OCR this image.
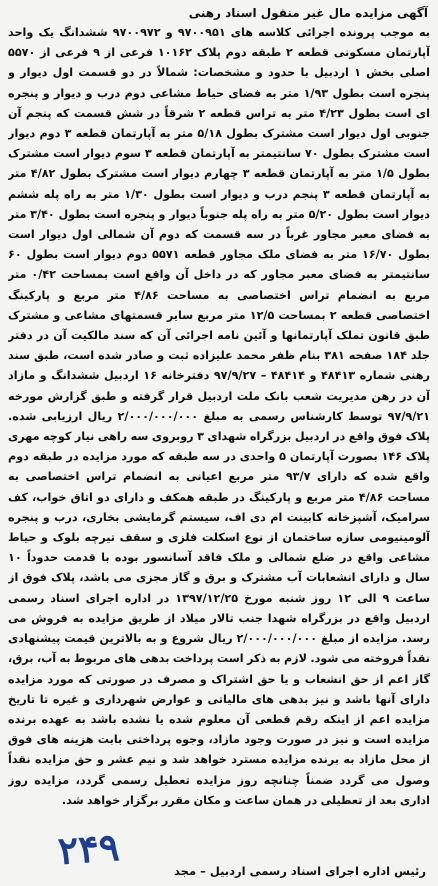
آگهی مزایده مال غیر منقول اسناد رهنی
به موجب پرونده اجرائی کلاسه های ۹۷۰۰۹۵۱ و ۹۷۰۰۹۷۲ ششدانگ یک واحد آپارتمان مسکونی قطعه ۲ طبقه دوم پلاک ۱۰۱۶۲ فرعی از ۹ فرعی از ۵۵۷۰ اصلی بخش ۱ اردبیل با حدود و مشخصات: شمالاً در دو قسمت اول دیوار و پنجره است بطول ۱/۹۳ متر به فضای حیاط مشاعی دوم درب و دیوار و پنجره ای است بطول ۴/۲۳ متر به تراس قطعه ۲ شرقاً در شش قسمت که پنجم آن جنوبی اول دیوار است مشترک بطول ۵/۱۸ متر به آپارتمان قطعه ۳ دوم دیوار است مشترک بطول ۷۰ سانتیمتر به آپارتمان قطعه ۳ سوم دیوار است مشترک بطول ۱/۵ متر به آپارتمان قطعه ۳ چهارم دیوار است مشترک بطول ۴/۸۲ متر به آپارتمان قطعه ۳ پنجم درب و دیوار است بطول ۱/۳۰ متر به راه پله ششم دیوار است بطول ۵/۲۰ متر به راه پله جنوباً دیوار و پنجره است بطول ۳/۴۰ متر به فضای معبر مجاور غرباً در سه قسمت که دوم آن شمالی اول دیوار است بطول ۱۶/۷۰ متر به فضای ملک مجاور قطعه ۵۵۷۱ دوم دیوار است بطول ۶۰ سانتیمتر به فضای معبر مجاور که در داخل آن واقع است بمساحت ۰/۴۲ متر مربع به انضمام تراس اختصاصی به مساحت ۴/۸۶ متر مربع و پارکینگ اختصاصی قطعه ۲ بمساحت ۱۲/۵ متر مربع سایر قسمتهای مشاعی و مشترک طبق قانون تملک آپارتمانها و آئین نامه اجرائی آن که سند مالکیت آن در دفتر جلد ۱۸۴ صفحه ۳۸۱ بنام ظفر محمد علیزاده ثبت و صادر شده است، طبق سند رهنی شماره ۴۸۴۱۳ و ۴۸۴۱۴ – ۹۷/۹/۲۷ دفترخانه ۱۶ اردبیل ششدانگ و مازاد آن در رهن مدیریت شعب بانک ملت اردبیل قرار گرفته و طبق گزارش مورخه ۹۷/۹/۲۱ توسط کارشناس رسمی به مبلغ ۲/۰۰۰/۰۰۰/۰۰۰ ریال ارزیابی شده. پلاک فوق واقع در اردبیل بزرگراه شهدای ۳ روبروی سه راهی نیار کوچه مهری پلاک ۱۴۶ بصورت آپارتمان ۵ واحدی در سه طبقه که مورد مزایده در طبقه دوم واقع شده که دارای ۹۳/۷ متر مربع اعیانی به انضمام تراس اختصاصی به مساحت ۴/۸۶ متر مربع و پارکینگ در طبقه همکف و دارای دو اتاق خواب، کف سرامیک، آشپزخانه کابینت ام دی اف، سیستم گرمایشی بخاری، درب و پنجره آلومینیومی سازه ساختمان از نوع اسکلت فلزی و سقف تیرچه بلوک و حیاط مشاعی واقع در ضلع شمالی و ملک فاقد آسانسور بوده با قدمت حدوداً ۱۰ سال و دارای انشعابات آب مشترک و برق و گاز مجزی می باشد، پلاک فوق از ساعت ۹ الی ۱۲ روز شنبه مورخ ۱۳۹۷/۱۲/۲۵ در اداره اجرای اسناد رسمی اردبیل واقع در بزرگراه شهدا جنب تالار میلاد از طریق مزایده به فروش می رسد. مزایده از مبلغ ۲/۰۰۰/۰۰۰/۰۰۰ ریال شروع و به بالاترین قیمت پیشنهادی نقداً فروخته می شود. لازم به ذکر است پرداخت بدهی های مربوط به آب، برق، گاز اعم از حق انشعاب و یا حق اشتراک و مصرف در صورتی که مورد مزایده دارای آنها باشد و نیز بدهی های مالیاتی و عوارض شهرداری و غیره تا تاریخ مزایده اعم از اینکه رقم قطعی آن معلوم شده یا نشده باشد به عهده برنده مزایده است و نیز در صورت وجود مازاد، وجوه پرداختی بابت هزینه های فوق از محل مازاد به برنده مزایده مسترد خواهد شد و نیم عشر و حق مزایده نقداً وصول می گردد ضمناً چنانچه روز مزایده تعطیل رسمی گردد، مزایده روز اداری بعد از تعطیلی در همان ساعت و مکان مقرر برگزار خواهد شد.
۲۴۹	رئیس اداره اجرای اسناد رسمی اردبیل – مجد
